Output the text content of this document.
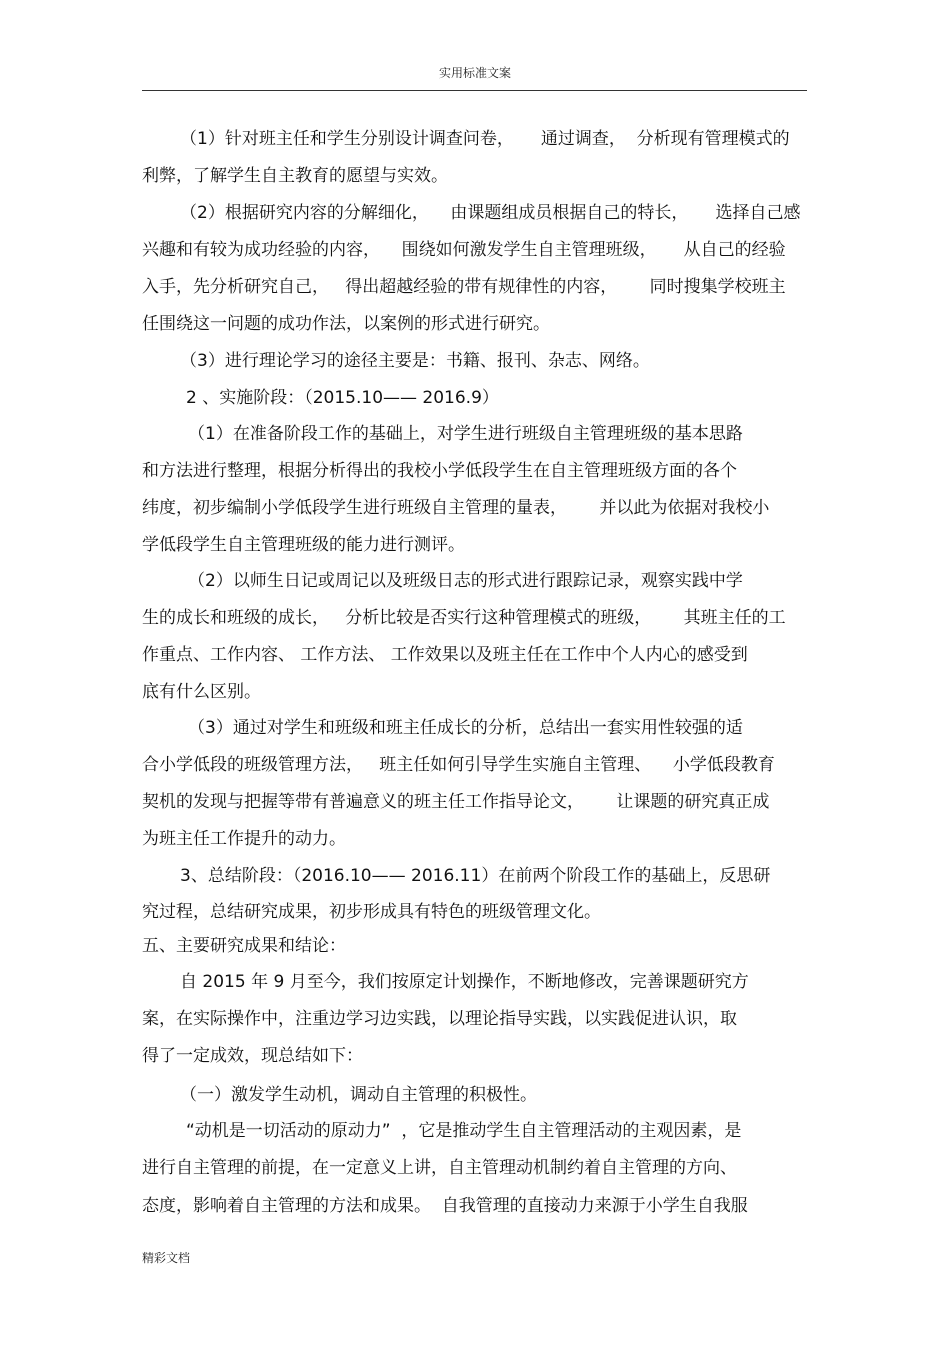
实用标准文案
（1）针对班主任和学生分别设计调查问卷，     通过调查，  分析现有管理模式的
利弊，了解学生自主教育的愿望与实效。
（2）根据研究内容的分解细化，    由课题组成员根据自己的特长，     选择自己感
兴趣和有较为成功经验的内容，    围绕如何激发学生自主管理班级，     从自己的经验
入手，先分析研究自己，   得出超越经验的带有规律性的内容，      同时搜集学校班主
任围绕这一问题的成功作法，以案例的形式进行研究。
（3）进行理论学习的途径主要是：书籍、报刊、杂志、网络。
2 、实施阶段：（2015.10—— 2016.9）
（1）在准备阶段工作的基础上，对学生进行班级自主管理班级的基本思路
和方法进行整理，根据分析得出的我校小学低段学生在自主管理班级方面的各个
纬度，初步编制小学低段学生进行班级自主管理的量表，      并以此为依据对我校小
学低段学生自主管理班级的能力进行测评。
（2）以师生日记或周记以及班级日志的形式进行跟踪记录，观察实践中学
生的成长和班级的成长，   分析比较是否实行这种管理模式的班级，      其班主任的工
作重点、工作内容、 工作方法、 工作效果以及班主任在工作中个人内心的感受到
底有什么区别。
（3）通过对学生和班级和班主任成长的分析，总结出一套实用性较强的适
合小学低段的班级管理方法，   班主任如何引导学生实施自主管理、    小学低段教育
契机的发现与把握等带有普遍意义的班主任工作指导论文，      让课题的研究真正成
为班主任工作提升的动力。
3、总结阶段：（2016.10—— 2016.11）在前两个阶段工作的基础上，反思研
究过程，总结研究成果，初步形成具有特色的班级管理文化。
五、主要研究成果和结论：
自 2015 年 9 月至今，我们按原定计划操作，不断地修改，完善课题研究方
案，在实际操作中，注重边学习边实践，以理论指导实践，以实践促进认识，取
得了一定成效，现总结如下：
（一）激发学生动机，调动自主管理的积极性。
“动机是一切活动的原动力”  ，它是推动学生自主管理活动的主观因素，是
进行自主管理的前提，在一定意义上讲，自主管理动机制约着自主管理的方向、
态度，影响着自主管理的方法和成果。  自我管理的直接动力来源于小学生自我服
精彩文档
